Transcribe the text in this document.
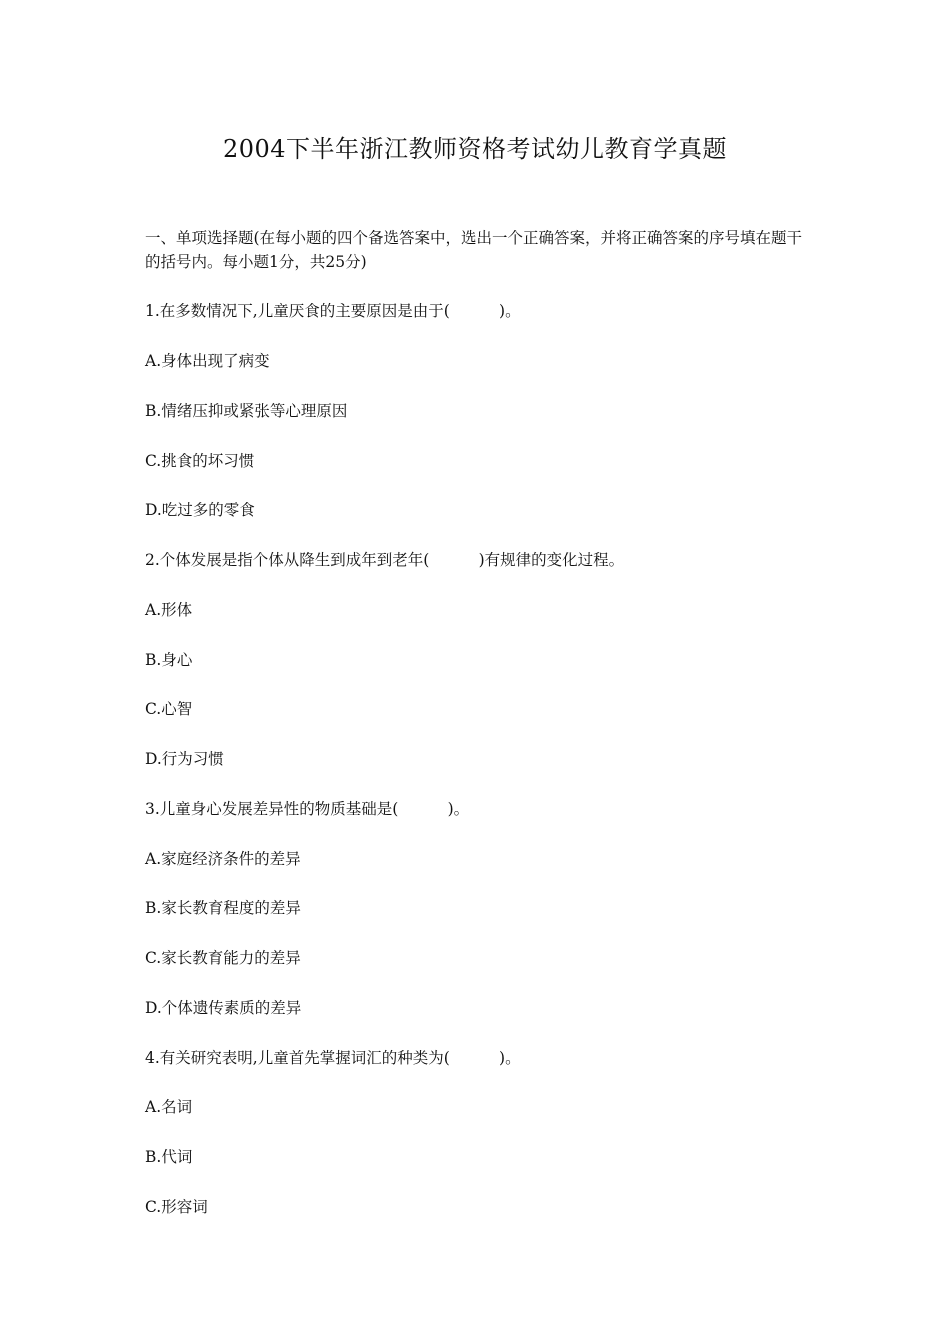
2004下半年浙江教师资格考试幼儿教育学真题
一、单项选择题(在每小题的四个备选答案中，选出一个正确答案，并将正确答案的序号填在题干的括号内。每小题1分，共25分)
1.在多数情况下,儿童厌食的主要原因是由于(          )。
A.身体出现了病变
B.情绪压抑或紧张等心理原因
C.挑食的坏习惯
D.吃过多的零食
2.个体发展是指个体从降生到成年到老年(          )有规律的变化过程。
A.形体
B.身心
C.心智
D.行为习惯
3.儿童身心发展差异性的物质基础是(          )。
A.家庭经济条件的差异
B.家长教育程度的差异
C.家长教育能力的差异
D.个体遗传素质的差异
4.有关研究表明,儿童首先掌握词汇的种类为(          )。
A.名词
B.代词
C.形容词
